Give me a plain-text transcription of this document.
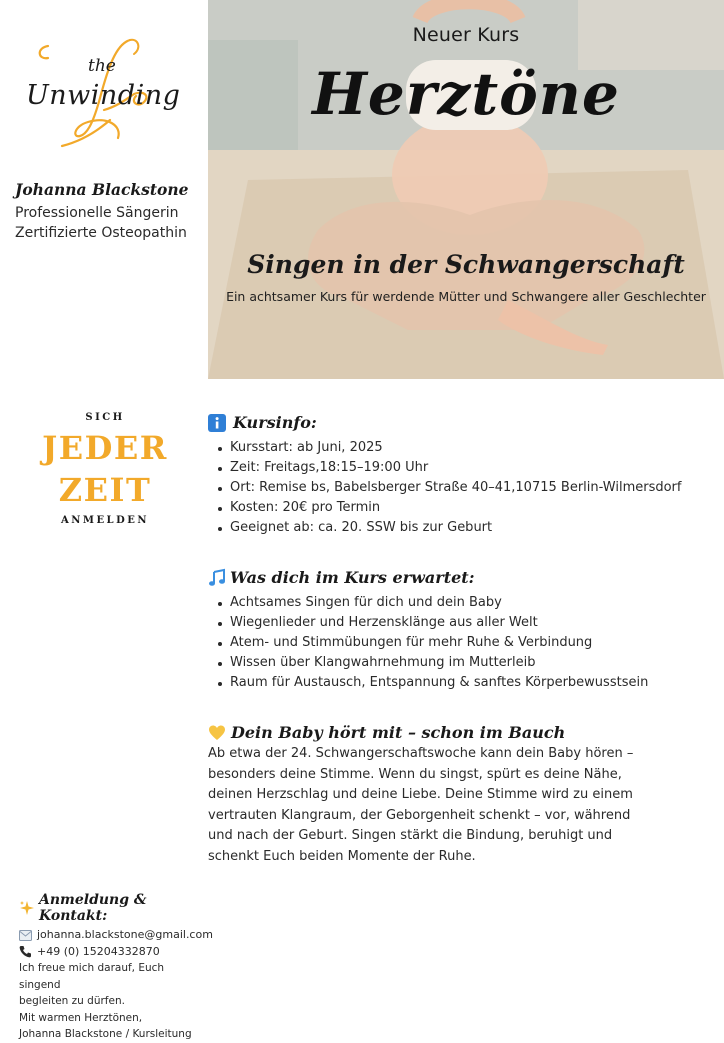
the
Unwinding
Johanna Blackstone
Professionelle Sängerin
Zertifizierte Osteopathin
Neuer Kurs
Herztöne
Singen in der Schwangerschaft
Ein achtsamer Kurs für werdende Mütter und Schwangere aller Geschlechter
SICH
JEDER
ZEIT
ANMELDEN
Kursinfo:
Kursstart: ab Juni, 2025
Zeit: Freitags,18:15–19:00 Uhr
Ort: Remise bs, Babelsberger Straße 40–41,10715 Berlin-Wilmersdorf
Kosten: 20€ pro Termin
Geeignet ab: ca. 20. SSW bis zur Geburt
Was dich im Kurs erwartet:
Achtsames Singen für dich und dein Baby
Wiegenlieder und Herzensklänge aus aller Welt
Atem- und Stimmübungen für mehr Ruhe & Verbindung
Wissen über Klangwahrnehmung im Mutterleib
Raum für Austausch, Entspannung & sanftes Körperbewusstsein
Dein Baby hört mit – schon im Bauch

Ab etwa der 24. Schwangerschaftswoche kann dein Baby hören – besonders deine Stimme. Wenn du singst, spürt es deine Nähe, deinen Herzschlag und deine Liebe. Deine Stimme wird zu einem vertrauten Klangraum, der Geborgenheit schenkt – vor, während und nach der Geburt. Singen stärkt die Bindung, beruhigt und schenkt Euch beiden Momente der Ruhe.

Anmeldung & Kontakt:
johanna.blackstone@gmail.com
+49 (0) 15204332870
Ich freue mich darauf, Euch singend
begleiten zu dürfen.
Mit warmen Herztönen,
Johanna Blackstone / Kursleitung
